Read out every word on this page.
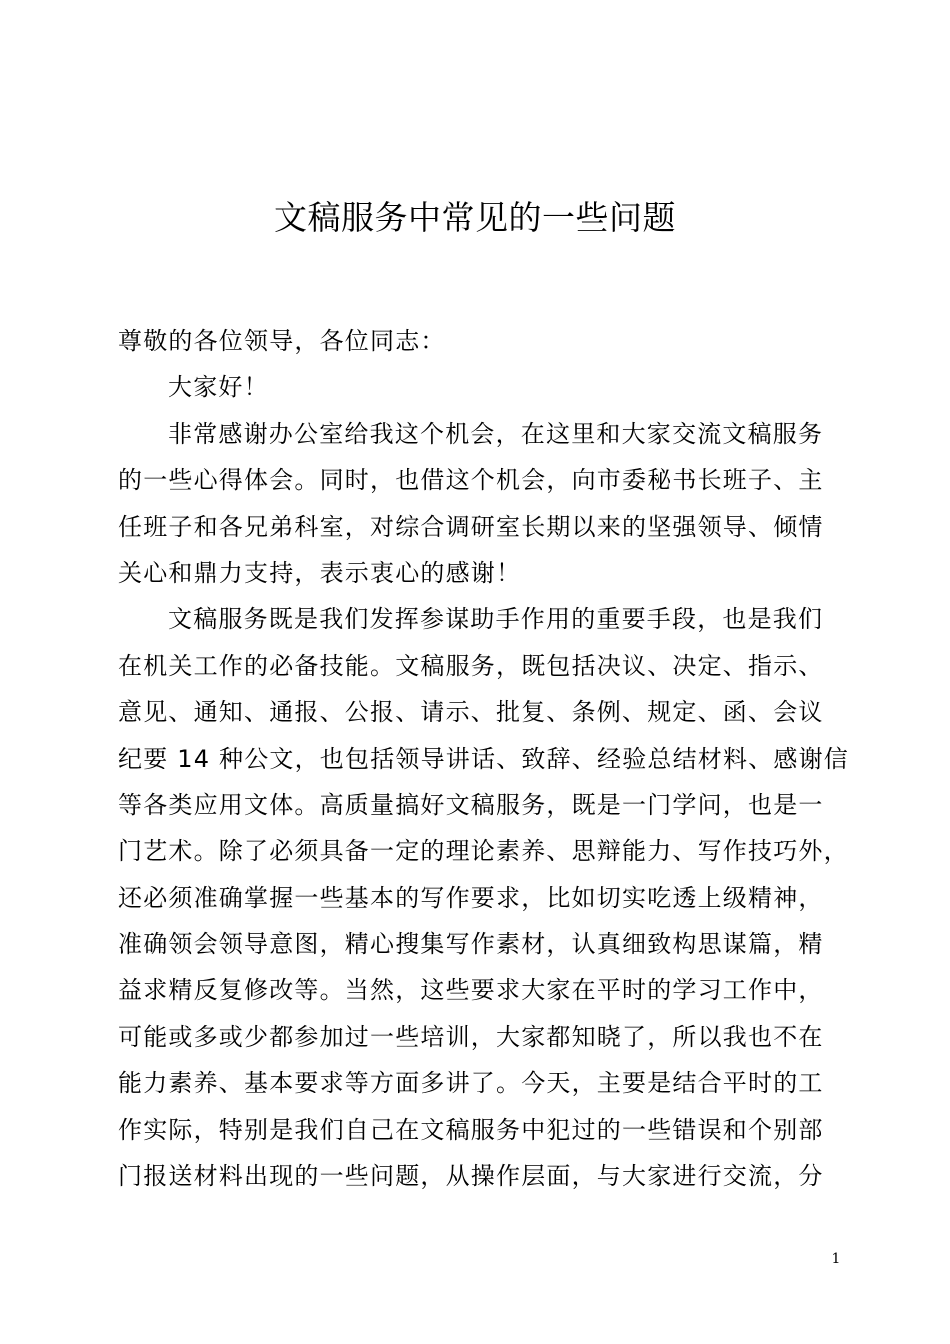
文稿服务中常见的一些问题
尊敬的各位领导，各位同志：
大家好！
非常感谢办公室给我这个机会，在这里和大家交流文稿服务
的一些心得体会。同时，也借这个机会，向市委秘书长班子、主
任班子和各兄弟科室，对综合调研室长期以来的坚强领导、倾情
关心和鼎力支持，表示衷心的感谢！
文稿服务既是我们发挥参谋助手作用的重要手段，也是我们
在机关工作的必备技能。文稿服务，既包括决议、决定、指示、
意见、通知、通报、公报、请示、批复、条例、规定、函、会议
纪要 14 种公文，也包括领导讲话、致辞、经验总结材料、感谢信
等各类应用文体。高质量搞好文稿服务，既是一门学问，也是一
门艺术。除了必须具备一定的理论素养、思辩能力、写作技巧外，
还必须准确掌握一些基本的写作要求，比如切实吃透上级精神，
准确领会领导意图，精心搜集写作素材，认真细致构思谋篇，精
益求精反复修改等。当然，这些要求大家在平时的学习工作中，
可能或多或少都参加过一些培训，大家都知晓了，所以我也不在
能力素养、基本要求等方面多讲了。今天，主要是结合平时的工
作实际，特别是我们自己在文稿服务中犯过的一些错误和个别部
门报送材料出现的一些问题，从操作层面，与大家进行交流，分
1
